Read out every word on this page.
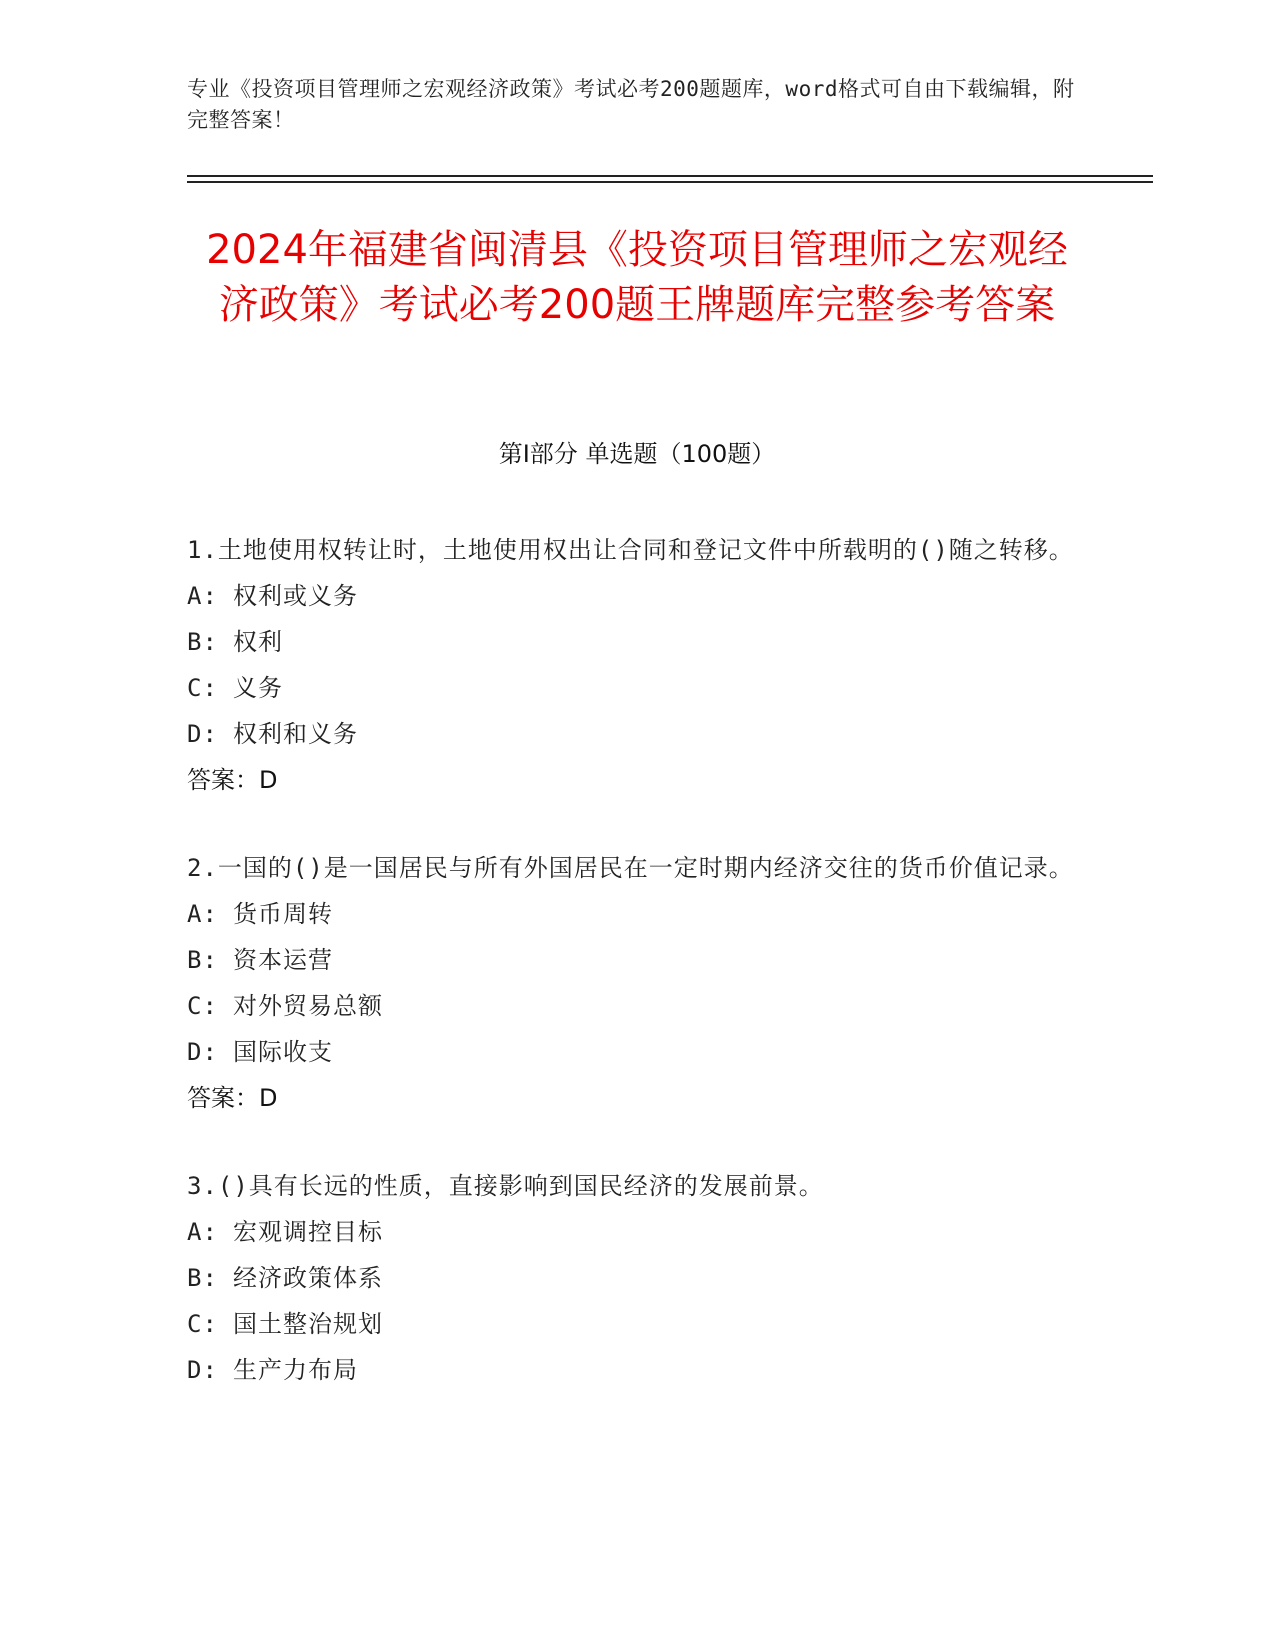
专业《投资项目管理师之宏观经济政策》考试必考200题题库，word格式可自由下载编辑，附完整答案！
2024年福建省闽清县《投资项目管理师之宏观经济政策》考试必考200题王牌题库完整参考答案
第I部分 单选题（100题）
1.土地使用权转让时，土地使用权出让合同和登记文件中所载明的()随之转移。
A: 权利或义务
B: 权利
C: 义务
D: 权利和义务
答案：D
2.一国的()是一国居民与所有外国居民在一定时期内经济交往的货币价值记录。
A: 货币周转
B: 资本运营
C: 对外贸易总额
D: 国际收支
答案：D
3.()具有长远的性质，直接影响到国民经济的发展前景。
A: 宏观调控目标
B: 经济政策体系
C: 国土整治规划
D: 生产力布局
